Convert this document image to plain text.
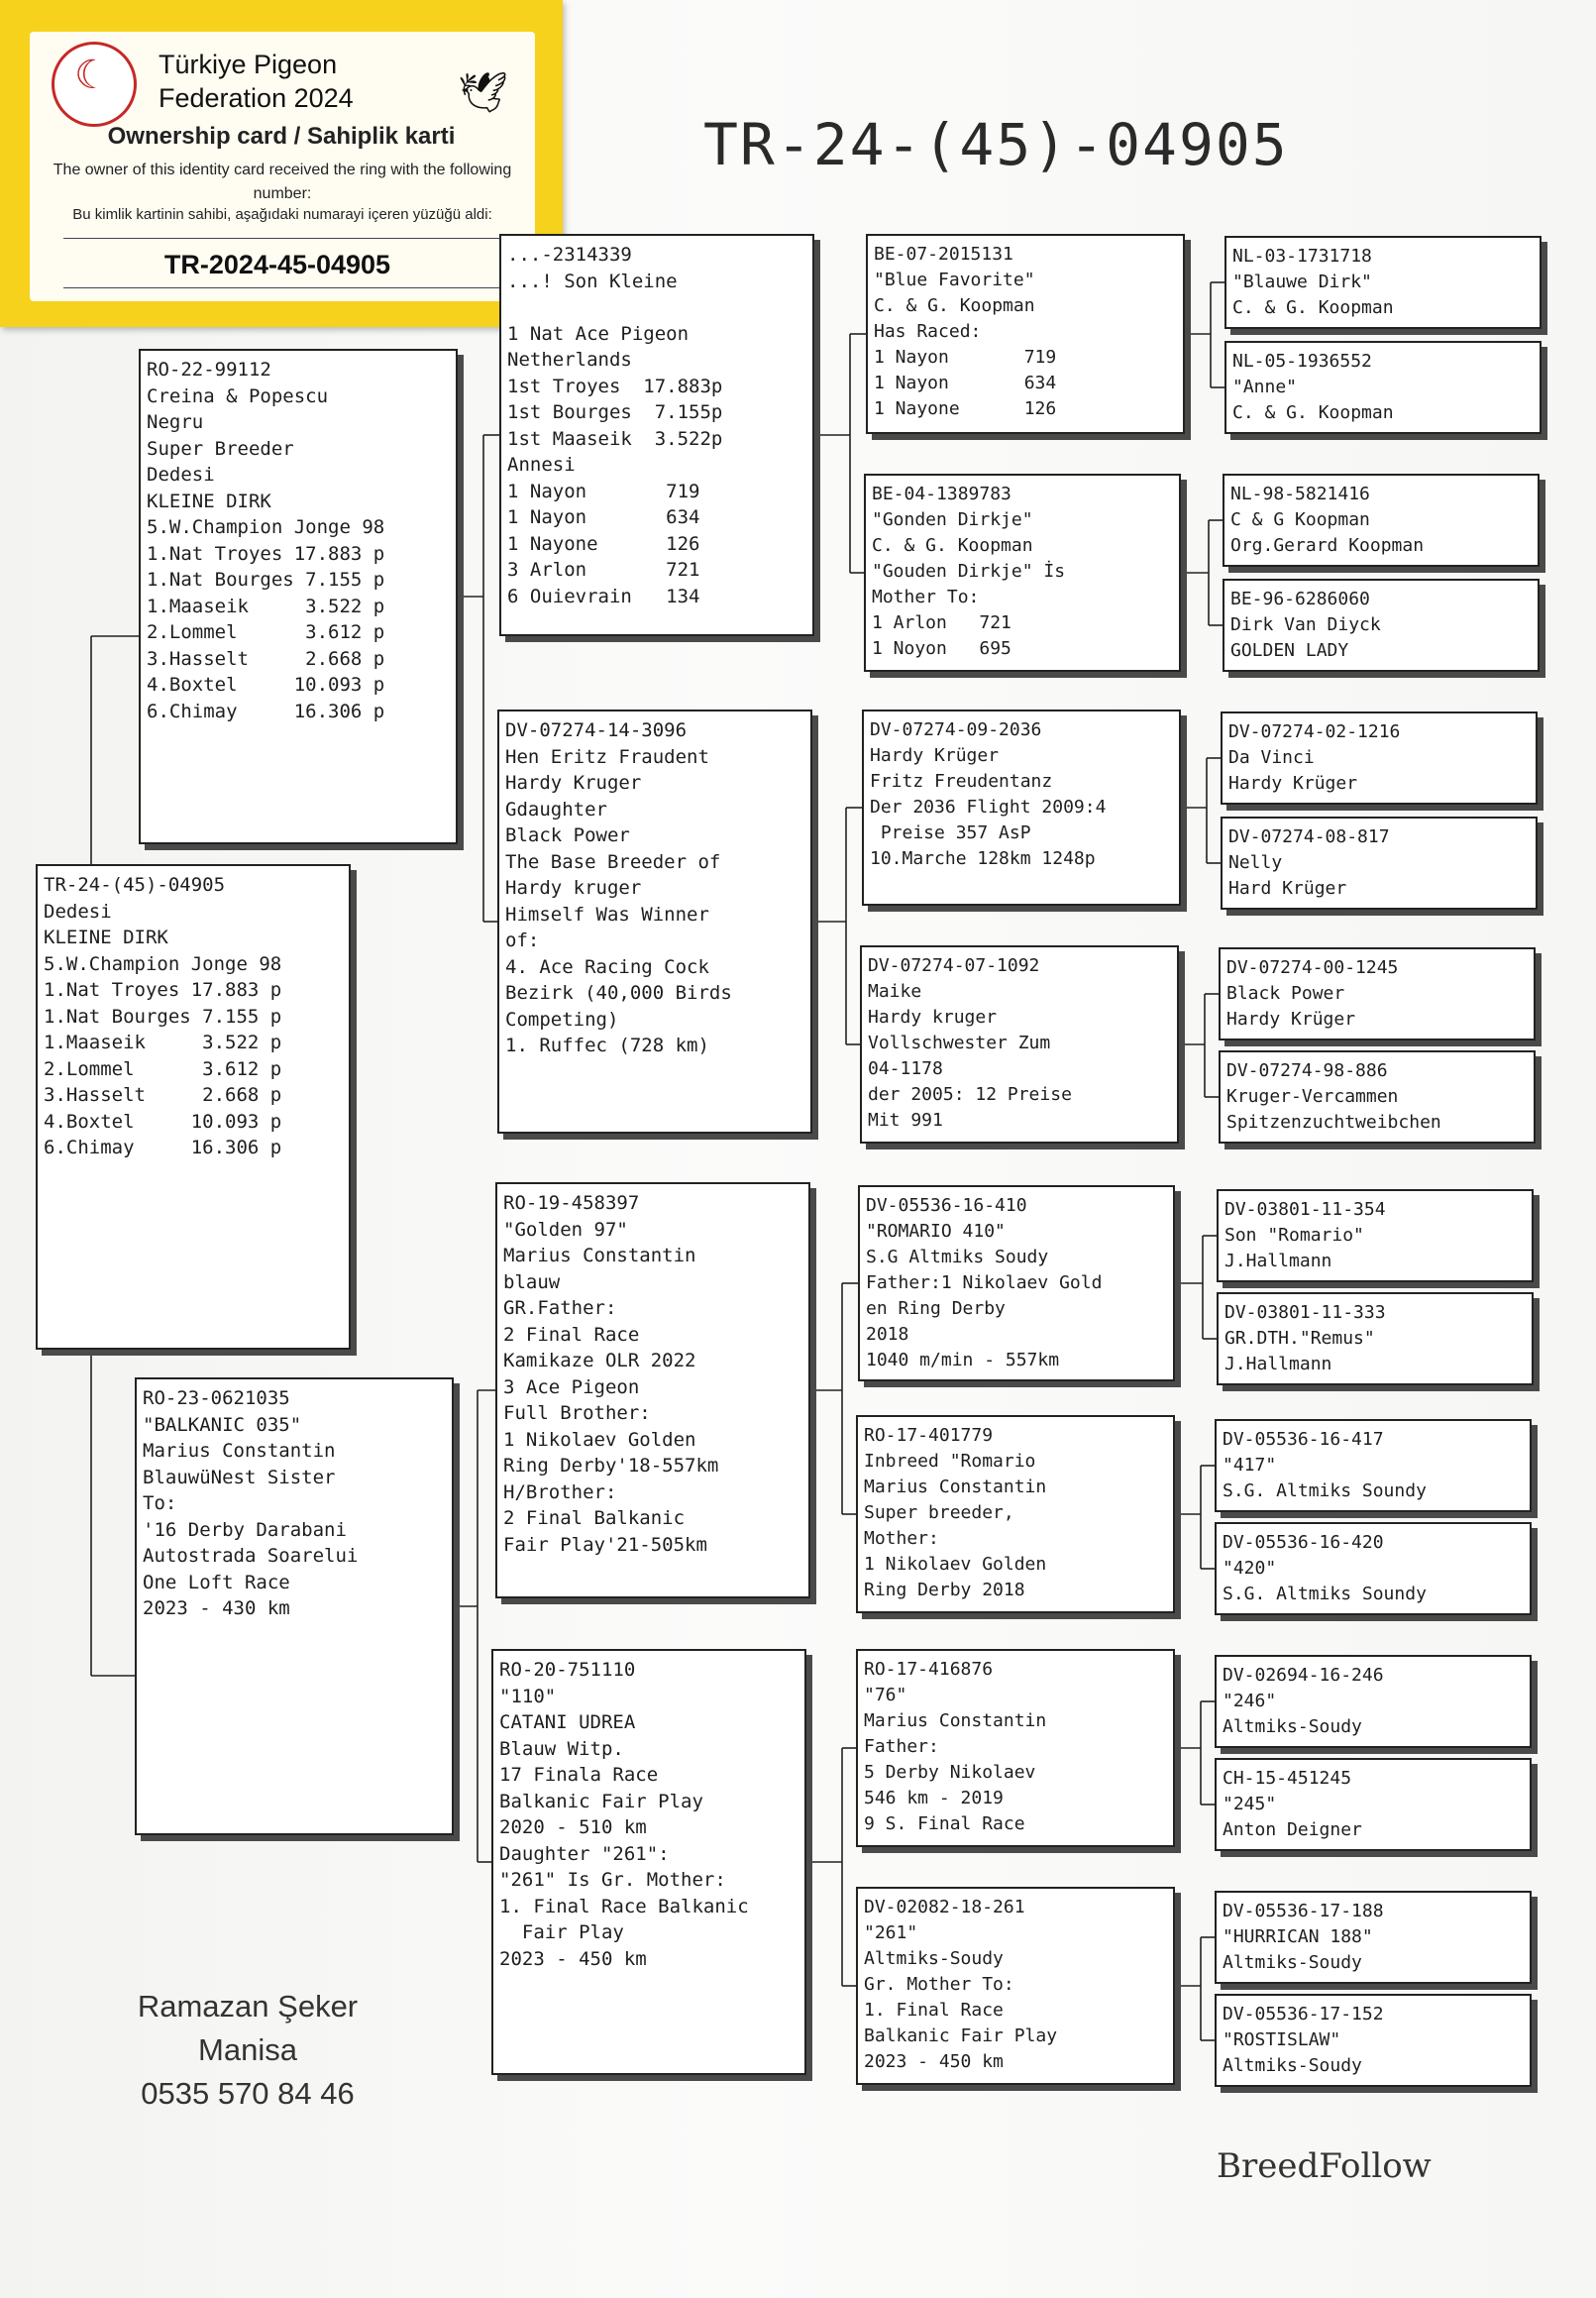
TR-24-(45)-04905
☾
Türkiye Pigeon
Federation 2024	🕊
Ownership card / Sahiplik karti
The owner of this identity card received the ring with the following number:
Bu kimlik kartinin sahibi, aşağıdaki numarayi içeren yüzüğü aldi:
TR-2024-45-04905
TR-24-(45)-04905
Dedesi
KLEINE DIRK
5.W.Champion Jonge 98
1.Nat Troyes 17.883 p
1.Nat Bourges 7.155 p
1.Maaseik     3.522 p
2.Lommel      3.612 p
3.Hasselt     2.668 p
4.Boxtel     10.093 p
6.Chimay     16.306 p
RO-22-99112
Creina & Popescu
Negru
Super Breeder
Dedesi
KLEINE DIRK
5.W.Champion Jonge 98
1.Nat Troyes 17.883 p
1.Nat Bourges 7.155 p
1.Maaseik     3.522 p
2.Lommel      3.612 p
3.Hasselt     2.668 p
4.Boxtel     10.093 p
6.Chimay     16.306 p
RO-23-0621035
"BALKANIC 035"
Marius Constantin
BlauwüNest Sister
To:
'16 Derby Darabani
Autostrada Soarelui
One Loft Race
2023 - 430 km
...-2314339
...! Son Kleine

1 Nat Ace Pigeon
Netherlands
1st Troyes  17.883p
1st Bourges  7.155p
1st Maaseik  3.522p
Annesi
1 Nayon       719
1 Nayon       634
1 Nayone      126
3 Arlon       721
6 Ouievrain   134
DV-07274-14-3096
Hen Eritz Fraudent
Hardy Kruger
Gdaughter
Black Power
The Base Breeder of
Hardy kruger
Himself Was Winner
of:
4. Ace Racing Cock
Bezirk (40,000 Birds
Competing)
1. Ruffec (728 km)
RO-19-458397
"Golden 97"
Marius Constantin
blauw
GR.Father:
2 Final Race
Kamikaze OLR 2022
3 Ace Pigeon
Full Brother:
1 Nikolaev Golden
Ring Derby'18-557km
H/Brother:
2 Final Balkanic
Fair Play'21-505km
RO-20-751110
"110"
CATANI UDREA
Blauw Witp.
17 Finala Race
Balkanic Fair Play
2020 - 510 km
Daughter "261":
"261" Is Gr. Mother:
1. Final Race Balkanic
Fair Play
2023 - 450 km
BE-07-2015131
"Blue Favorite"
C. & G. Koopman
Has Raced:
1 Nayon       719
1 Nayon       634
1 Nayone      126
BE-04-1389783
"Gonden Dirkje"
C. & G. Koopman
"Gouden Dirkje" İs
Mother To:
1 Arlon   721
1 Noyon   695
DV-07274-09-2036
Hardy Krüger
Fritz Freudentanz
Der 2036 Flight 2009:4
Preise 357 AsP
10.Marche 128km 1248p
DV-07274-07-1092
Maike
Hardy kruger
Vollschwester Zum
04-1178
der 2005: 12 Preise
Mit 991
DV-05536-16-410
"ROMARIO 410"
S.G Altmiks Soudy
Father:1 Nikolaev Gold
en Ring Derby
2018
1040 m/min - 557km
RO-17-401779
Inbreed "Romario
Marius Constantin
Super breeder,
Mother:
1 Nikolaev Golden
Ring Derby 2018
RO-17-416876
"76"
Marius Constantin
Father:
5 Derby Nikolaev
546 km - 2019
9 S. Final Race
DV-02082-18-261
"261"
Altmiks-Soudy
Gr. Mother To:
1. Final Race
Balkanic Fair Play
2023 - 450 km
NL-03-1731718
"Blauwe Dirk"
C. & G. Koopman
NL-05-1936552
"Anne"
C. & G. Koopman
NL-98-5821416
C & G Koopman
Org.Gerard Koopman
BE-96-6286060
Dirk Van Diyck
GOLDEN LADY
DV-07274-02-1216
Da Vinci
Hardy Krüger
DV-07274-08-817
Nelly
Hard Krüger
DV-07274-00-1245
Black Power
Hardy Krüger
DV-07274-98-886
Kruger-Vercammen
Spitzenzuchtweibchen
DV-03801-11-354
Son "Romario"
J.Hallmann
DV-03801-11-333
GR.DTH."Remus"
J.Hallmann
DV-05536-16-417
"417"
S.G. Altmiks Soundy
DV-05536-16-420
"420"
S.G. Altmiks Soundy
DV-02694-16-246
"246"
Altmiks-Soudy
CH-15-451245
"245"
Anton Deigner
DV-05536-17-188
"HURRICAN 188"
Altmiks-Soudy
DV-05536-17-152
"ROSTISLAW"
Altmiks-Soudy
Ramazan Şeker
Manisa
0535 570 84 46
BreedFollow
